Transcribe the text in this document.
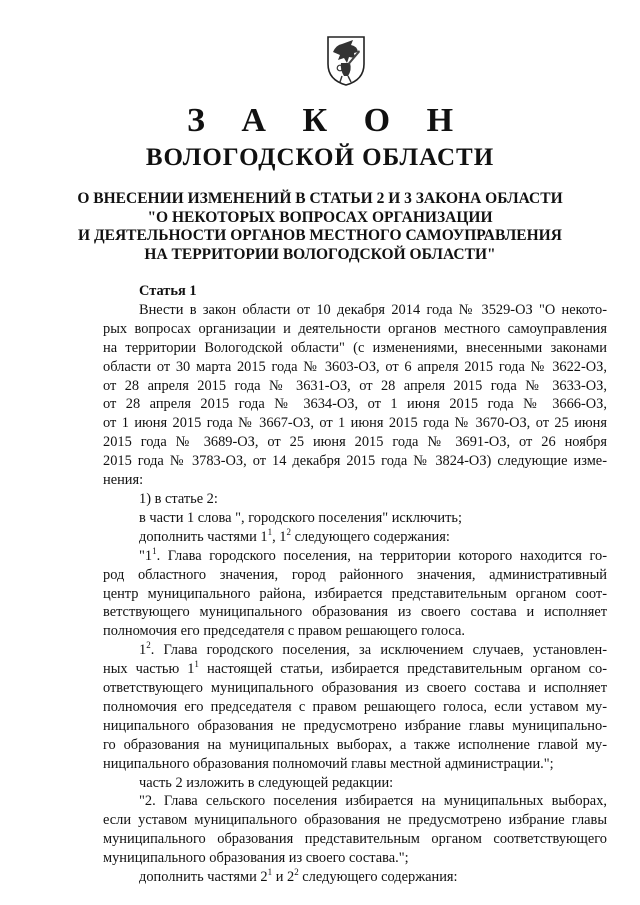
З А К О Н
ВОЛОГОДСКОЙ ОБЛАСТИ
О ВНЕСЕНИИ ИЗМЕНЕНИЙ В СТАТЬИ 2 И 3 ЗАКОНА ОБЛАСТИ
"О НЕКОТОРЫХ ВОПРОСАХ ОРГАНИЗАЦИИ
И ДЕЯТЕЛЬНОСТИ ОРГАНОВ МЕСТНОГО САМОУПРАВЛЕНИЯ
НА ТЕРРИТОРИИ ВОЛОГОДСКОЙ ОБЛАСТИ"
Статья 1
Внести в закон области от 10 декабря 2014 года № 3529-ОЗ "О некото-
рых вопросах организации и деятельности органов местного самоуправления
на территории Вологодской области" (с изменениями, внесенными законами
области от 30 марта 2015 года № 3603-ОЗ, от 6 апреля 2015 года № 3622-ОЗ,
от 28 апреля 2015 года № 3631-ОЗ, от 28 апреля 2015 года № 3633-ОЗ,
от 28 апреля 2015 года № 3634-ОЗ, от 1 июня 2015 года № 3666-ОЗ,
от 1 июня 2015 года № 3667-ОЗ, от 1 июня 2015 года № 3670-ОЗ, от 25 июня
2015 года № 3689-ОЗ, от 25 июня 2015 года № 3691-ОЗ, от 26 ноября
2015 года № 3783-ОЗ, от 14 декабря 2015 года № 3824-ОЗ) следующие изме-
нения:
1) в статье 2:
в части 1 слова ", городского поселения" исключить;
дополнить частями $1^1$, $1^2$ следующего содержания:
"$1^1$. Глава городского поселения, на территории которого находится го-
род областного значения, город районного значения, административный
центр муниципального района, избирается представительным органом соот-
ветствующего муниципального образования из своего состава и исполняет
полномочия его председателя с правом решающего голоса.
$1^2$. Глава городского поселения, за исключением случаев, установлен-
ных частью $1^1$ настоящей статьи, избирается представительным органом со-
ответствующего муниципального образования из своего состава и исполняет
полномочия его председателя с правом решающего голоса, если уставом му-
ниципального образования не предусмотрено избрание главы муниципально-
го образования на муниципальных выборах, а также исполнение главой му-
ниципального образования полномочий главы местной администрации.";
часть 2 изложить в следующей редакции:
"2. Глава сельского поселения избирается на муниципальных выборах,
если уставом муниципального образования не предусмотрено избрание главы
муниципального образования представительным органом соответствующего
муниципального образования из своего состава.";
дополнить частями $2^1$ и $2^2$ следующего содержания:
